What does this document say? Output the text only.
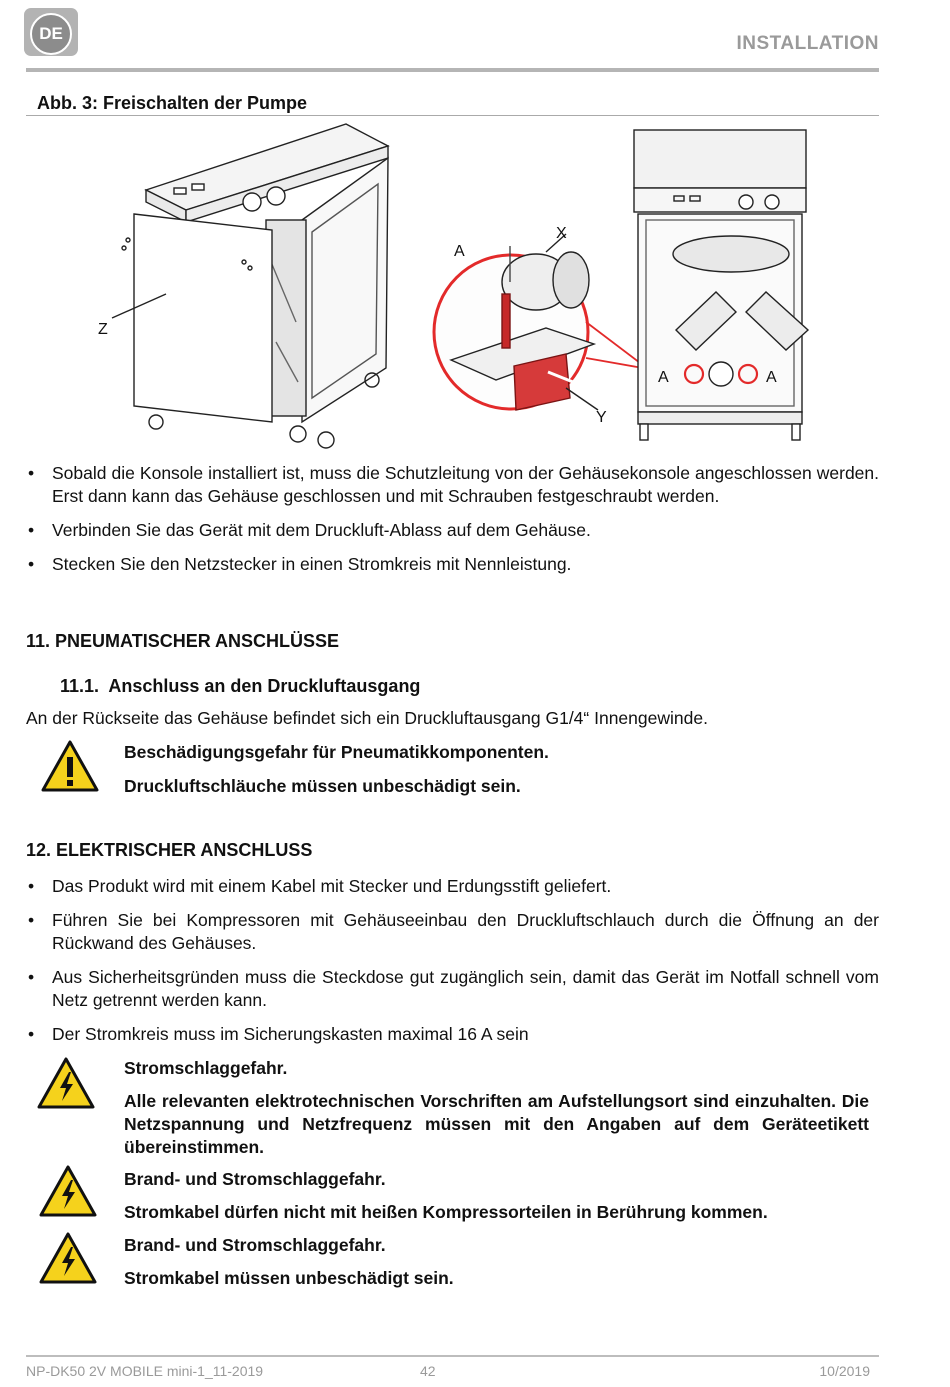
DE	INSTALLATION
Abb. 3: Freischalten der Pumpe
Z
A
X
Y
A	A
• Sobald die Konsole installiert ist, muss die Schutzleitung von der Gehäusekonsole angeschlossen werden. Erst dann kann das Gehäuse geschlossen und mit Schrauben festgeschraubt werden.
• Verbinden Sie das Gerät mit dem Druckluft-Ablass auf dem Gehäuse.
• Stecken Sie den Netzstecker in einen Stromkreis mit Nennleistung.
11. PNEUMATISCHER ANSCHLÜSSE
11.1.  Anschluss an den Druckluftausgang
An der Rückseite das Gehäuse befindet sich ein Druckluftausgang G1/4“ Innengewinde.
Beschädigungsgefahr für Pneumatikkomponenten.
Druckluftschläuche müssen unbeschädigt sein.
12. ELEKTRISCHER ANSCHLUSS
• Das Produkt wird mit einem Kabel mit Stecker und Erdungsstift geliefert.
• Führen Sie bei Kompressoren mit Gehäuseeinbau den Druckluftschlauch durch die Öffnung an der Rückwand des Gehäuses.
• Aus Sicherheitsgründen muss die Steckdose gut zugänglich sein, damit das Gerät im Notfall schnell vom Netz getrennt werden kann.
• Der Stromkreis muss im Sicherungskasten maximal 16 A sein
Stromschlaggefahr.
Alle relevanten elektrotechnischen Vorschriften am Aufstellungsort sind einzuhalten. Die Netzspannung und Netzfrequenz müssen mit den Angaben auf dem Geräteetikett übereinstimmen.
Brand- und Stromschlaggefahr.
Stromkabel dürfen nicht mit heißen Kompressorteilen in Berührung kommen.
Brand- und Stromschlaggefahr.
Stromkabel müssen unbeschädigt sein.
NP-DK50 2V MOBILE mini-1_11-2019	42	10/2019
